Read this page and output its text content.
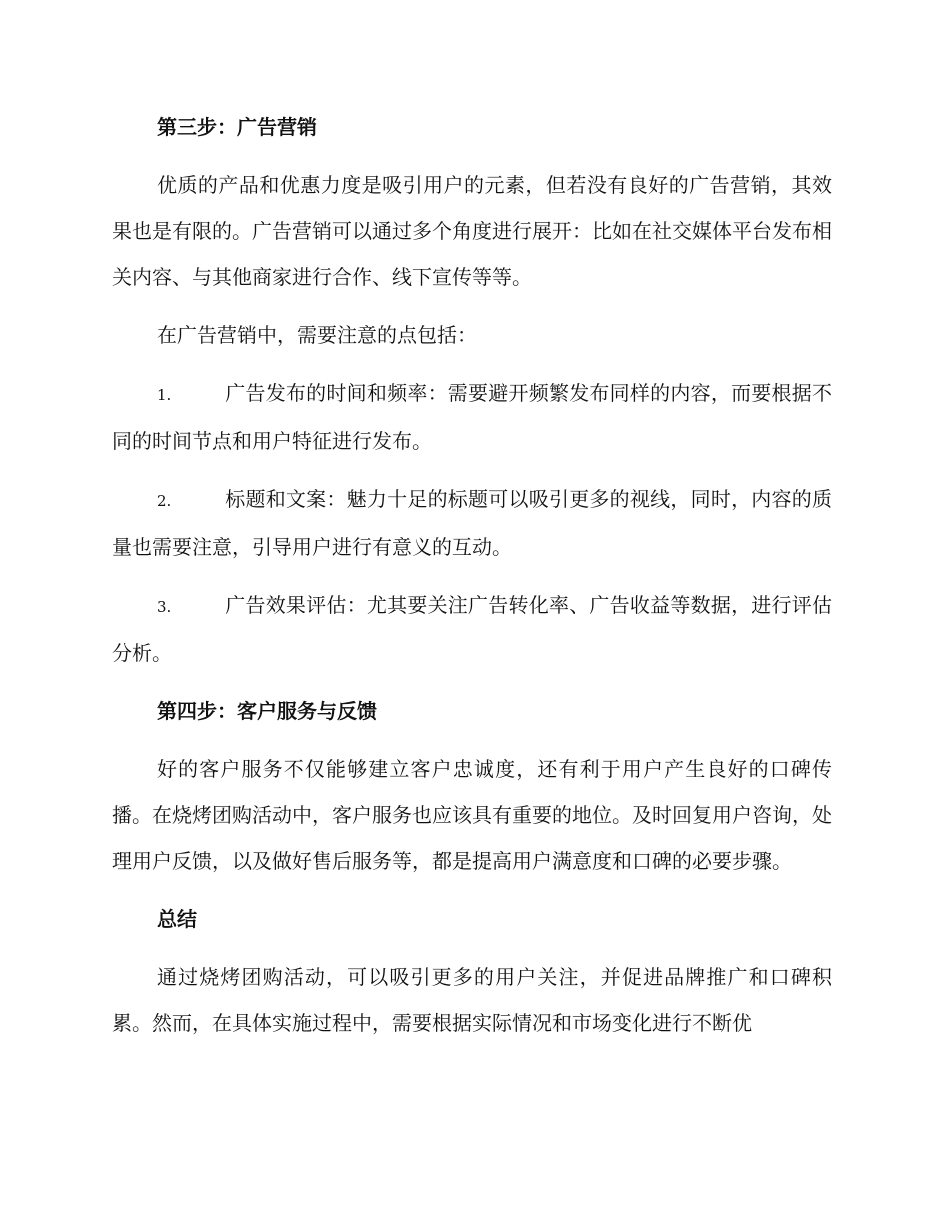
第三步：广告营销

优质的产品和优惠力度是吸引用户的元素，但若没有良好的广告营销，其效果也是有限的。广告营销可以通过多个角度进行展开：比如在社交媒体平台发布相关内容、与其他商家进行合作、线下宣传等等。

在广告营销中，需要注意的点包括：

1.	广告发布的时间和频率：需要避开频繁发布同样的内容，而要根据不同的时间节点和用户特征进行发布。
2.	标题和文案：魅力十足的标题可以吸引更多的视线，同时，内容的质量也需要注意，引导用户进行有意义的互动。
3.	广告效果评估：尤其要关注广告转化率、广告收益等数据，进行评估分析。
第四步：客户服务与反馈

好的客户服务不仅能够建立客户忠诚度，还有利于用户产生良好的口碑传播。在烧烤团购活动中，客户服务也应该具有重要的地位。及时回复用户咨询，处理用户反馈，以及做好售后服务等，都是提高用户满意度和口碑的必要步骤。

总结

通过烧烤团购活动，可以吸引更多的用户关注，并促进品牌推广和口碑积累。然而，在具体实施过程中，需要根据实际情况和市场变化进行不断优
